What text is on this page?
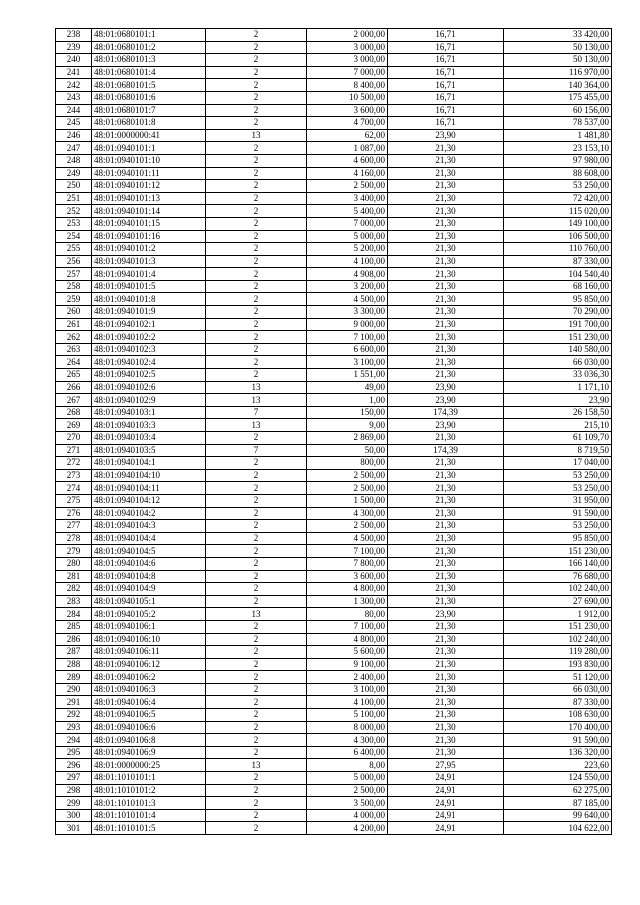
238	48:01:0680101:1	2	2 000,00	16,71	33 420,00
239	48:01:0680101:2	2	3 000,00	16,71	50 130,00
240	48:01:0680101:3	2	3 000,00	16,71	50 130,00
241	48:01:0680101:4	2	7 000,00	16,71	116 970,00
242	48:01:0680101:5	2	8 400,00	16,71	140 364,00
243	48:01:0680101:6	2	10 500,00	16,71	175 455,00
244	48:01:0680101:7	2	3 600,00	16,71	60 156,00
245	48:01:0680101:8	2	4 700,00	16,71	78 537,00
246	48:01:0000000:41	13	62,00	23,90	1 481,80
247	48:01:0940101:1	2	1 087,00	21,30	23 153,10
248	48:01:0940101:10	2	4 600,00	21,30	97 980,00
249	48:01:0940101:11	2	4 160,00	21,30	88 608,00
250	48:01:0940101:12	2	2 500,00	21,30	53 250,00
251	48:01:0940101:13	2	3 400,00	21,30	72 420,00
252	48:01:0940101:14	2	5 400,00	21,30	115 020,00
253	48:01:0940101:15	2	7 000,00	21,30	149 100,00
254	48:01:0940101:16	2	5 000,00	21,30	106 500,00
255	48:01:0940101:2	2	5 200,00	21,30	110 760,00
256	48:01:0940101:3	2	4 100,00	21,30	87 330,00
257	48:01:0940101:4	2	4 908,00	21,30	104 540,40
258	48:01:0940101:5	2	3 200,00	21,30	68 160,00
259	48:01:0940101:8	2	4 500,00	21,30	95 850,00
260	48:01:0940101:9	2	3 300,00	21,30	70 290,00
261	48:01:0940102:1	2	9 000,00	21,30	191 700,00
262	48:01:0940102:2	2	7 100,00	21,30	151 230,00
263	48:01:0940102:3	2	6 600,00	21,30	140 580,00
264	48:01:0940102:4	2	3 100,00	21,30	66 030,00
265	48:01:0940102:5	2	1 551,00	21,30	33 036,30
266	48:01:0940102:6	13	49,00	23,90	1 171,10
267	48:01:0940102:9	13	1,00	23,90	23,90
268	48:01:0940103:1	7	150,00	174,39	26 158,50
269	48:01:0940103:3	13	9,00	23,90	215,10
270	48:01:0940103:4	2	2 869,00	21,30	61 109,70
271	48:01:0940103:5	7	50,00	174,39	8 719,50
272	48:01:0940104:1	2	800,00	21,30	17 040,00
273	48:01:0940104:10	2	2 500,00	21,30	53 250,00
274	48:01:0940104:11	2	2 500,00	21,30	53 250,00
275	48:01:0940104:12	2	1 500,00	21,30	31 950,00
276	48:01:0940104:2	2	4 300,00	21,30	91 590,00
277	48:01:0940104:3	2	2 500,00	21,30	53 250,00
278	48:01:0940104:4	2	4 500,00	21,30	95 850,00
279	48:01:0940104:5	2	7 100,00	21,30	151 230,00
280	48:01:0940104:6	2	7 800,00	21,30	166 140,00
281	48:01:0940104:8	2	3 600,00	21,30	76 680,00
282	48:01:0940104:9	2	4 800,00	21,30	102 240,00
283	48:01:0940105:1	2	1 300,00	21,30	27 690,00
284	48:01:0940105:2	13	80,00	23,90	1 912,00
285	48:01:0940106:1	2	7 100,00	21,30	151 230,00
286	48:01:0940106:10	2	4 800,00	21,30	102 240,00
287	48:01:0940106:11	2	5 600,00	21,30	119 280,00
288	48:01:0940106:12	2	9 100,00	21,30	193 830,00
289	48:01:0940106:2	2	2 400,00	21,30	51 120,00
290	48:01:0940106:3	2	3 100,00	21,30	66 030,00
291	48:01:0940106:4	2	4 100,00	21,30	87 330,00
292	48:01:0940106:5	2	5 100,00	21,30	108 630,00
293	48:01:0940106:6	2	8 000,00	21,30	170 400,00
294	48:01:0940106:8	2	4 300,00	21,30	91 590,00
295	48:01:0940106:9	2	6 400,00	21,30	136 320,00
296	48:01:0000000:25	13	8,00	27,95	223,60
297	48:01:1010101:1	2	5 000,00	24,91	124 550,00
298	48:01:1010101:2	2	2 500,00	24,91	62 275,00
299	48:01:1010101:3	2	3 500,00	24,91	87 185,00
300	48:01:1010101:4	2	4 000,00	24,91	99 640,00
301	48:01:1010101:5	2	4 200,00	24,91	104 622,00
